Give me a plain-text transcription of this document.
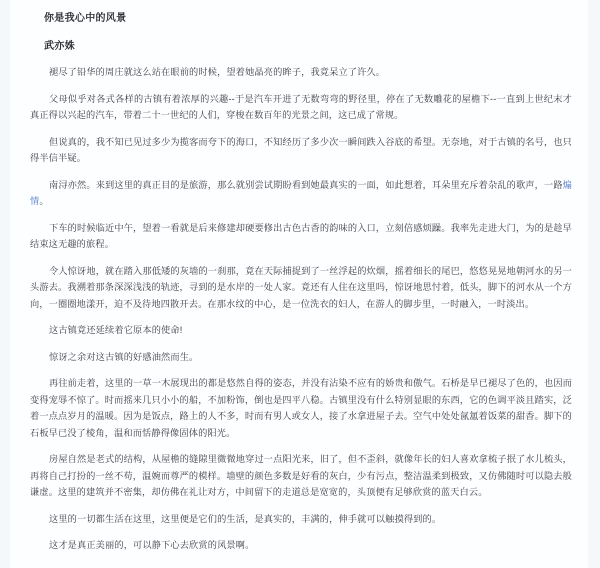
你是我心中的风景
武亦姝

褪尽了铅华的周庄就这么站在眼前的时候，望着她晶亮的眸子，我竟呆立了许久。

父母似乎对各式各样的古镇有着浓厚的兴趣--于是汽车开进了无数弯弯的野径里，停在了无数雕花的屋檐下--一直到上世纪末才真正得以兴起的汽车，带着二十一世纪的人们，穿梭在数百年的光景之间，这已成了常规。

但说真的，我不知已见过多少为揽客而夸下的海口，不知经历了多少次一瞬间跌入谷底的希望。无奈地，对于古镇的名号，也只得半信半疑。

南浔亦然。来到这里的真正目的是旅游，那么就别尝试期盼看到她最真实的一面，如此想着，耳朵里充斥着杂乱的歌声，一路煽情。

下车的时候临近中午，望着一看就是后来修建却硬要修出古色古香的韵味的入口，立刻倍感烦躁。我率先走进大门，为的是趁早结束这无趣的旅程。

令人惊讶地，就在踏入那低矮的灰墙的一刹那，竟在天际捕捉到了一丝浮起的炊烟，摇着细长的尾巴，悠悠晃晃地朝河水的另一头游去。我溯着那条深深浅浅的轨迹，寻到的是水岸的一处人家。竟还有人住在这里吗，惊讶地思忖着，低头，脚下的河水从一个方向，一圈圈地漾开，迫不及待地四散开去。在那水纹的中心，是一位洗衣的妇人，在游人的脚步里，一时融入，一时淡出。

这古镇竟还延续着它原本的使命!

惊讶之余对这古镇的好感油然而生。

再往前走着，这里的一草一木展现出的都是悠然自得的姿态，并没有沾染不应有的娇贵和傲气。石桥是早已褪尽了色的，也因而变得宠辱不惊了。时而摇来几只小小的船，不加粉饰，倒也是四平八稳。古镇里没有什么特别显眼的东西，它的色调平淡且踏实，泛着一点点岁月的温暖。因为是饭点，路上的人不多，时而有男人或女人，接了水拿进屋子去。空气中处处氤氲着饭菜的甜香。脚下的石板早已没了棱角，温和而恬静得像固体的阳光。

房屋自然是老式的结构，从屋檐的缝隙里微微地穿过一点阳光来，旧了，但不歪斜，就像年长的妇人喜欢拿梳子抿了水儿梳头，再将自己打扮的一丝不苟，温婉而尊严的模样。墙壁的颜色多数是好看的灰白，少有污点，整洁温柔到极致，又仿佛随时可以隐去般谦虚。这里的建筑并不密集，却仿佛在礼让对方，中间留下的走道总是宽宽的，头顶便有足够欣赏的蓝天白云。

这里的一切都生活在这里，这里便是它们的生活，是真实的，丰满的，伸手就可以触摸得到的。

这才是真正美丽的，可以静下心去欣赏的风景啊。
